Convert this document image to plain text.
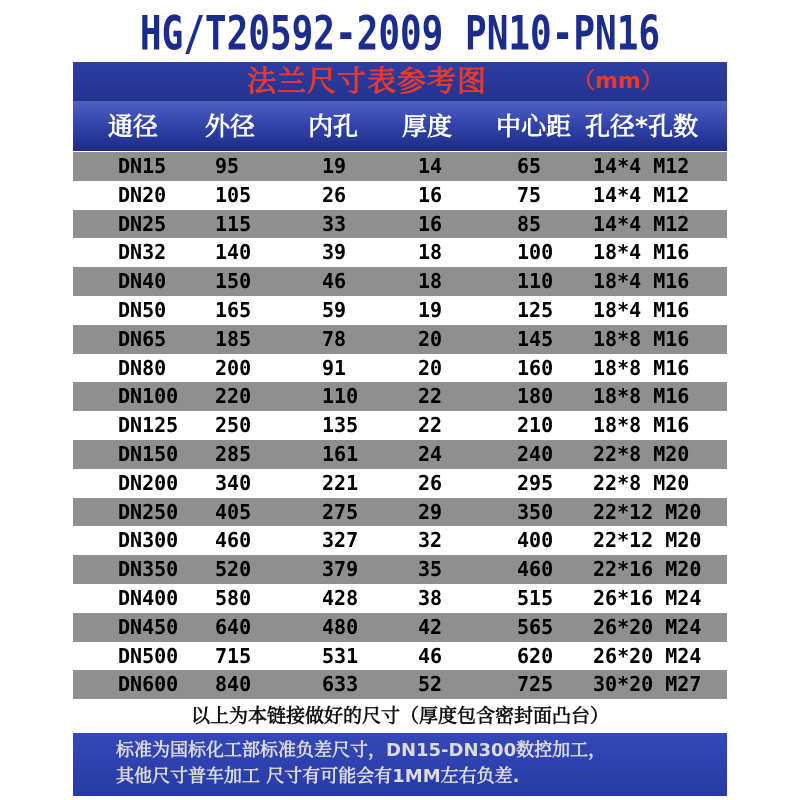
HG/T20592-2009 PN10-PN16
法兰尺寸表参考图	（mm）
通径 外径 内孔 厚度 中心距 孔径*孔数
DN15 95	19	14	65	14*4 M12
DN20 105	26	16	75	14*4 M12
DN25 115	33	16	85	14*4 M12
DN32 140	39	18	100 18*4 M16
DN40 150	46	18	110 18*4 M16
DN50 165	59	19	125 18*4 M16
DN65 185	78	20	145 18*8 M16
DN80 200	91	20	160 18*8 M16
DN100 220	110	22	180 18*8 M16
DN125 250	135	22	210 18*8 M16
DN150 285	161	24	240 22*8 M20
DN200 340	221	26	295 22*8 M20
DN250 405	275	29	350 22*12 M20
DN300 460	327	32	400 22*12 M20
DN350 520	379	35	460 22*16 M20
DN400 580	428	38	515 26*16 M24
DN450 640	480	42	565 26*20 M24
DN500 715	531	46	620 26*20 M24
DN600 840	633	52	725 30*20 M27
以上为本链接做好的尺寸（厚度包含密封面凸台）
标准为国标化工部标准负差尺寸，DN15-DN300数控加工，
其他尺寸普车加工 尺寸有可能会有1MM左右负差.
